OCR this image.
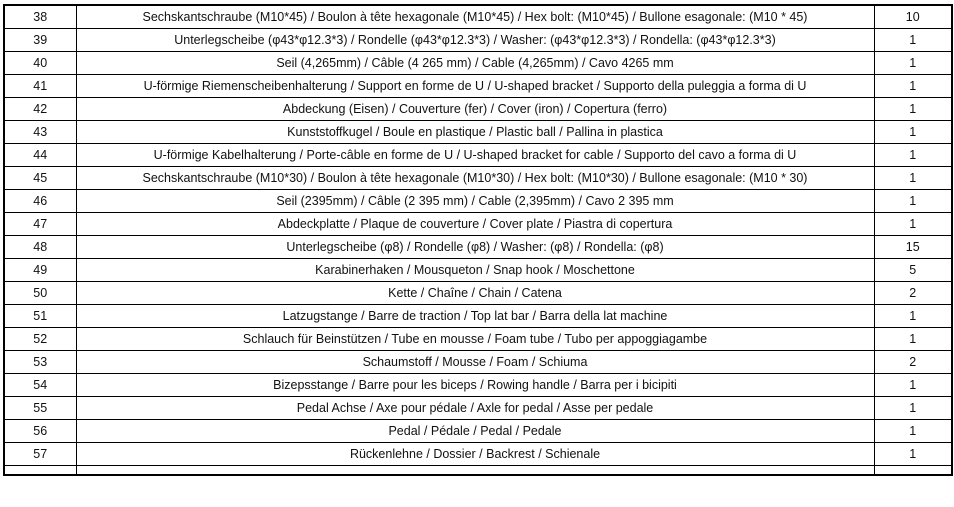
38	Sechskantschraube (M10*45) / Boulon à tête hexagonale (M10*45) / Hex bolt: (M10*45) / Bullone esagonale: (M10 * 45)	10
39	Unterlegscheibe (φ43*φ12.3*3) / Rondelle (φ43*φ12.3*3) / Washer: (φ43*φ12.3*3) / Rondella: (φ43*φ12.3*3)	1
40	Seil (4,265mm) / Câble (4 265 mm) / Cable (4,265mm) / Cavo 4265 mm	1
41	U-förmige Riemenscheibenhalterung / Support en forme de U / U-shaped bracket / Supporto della puleggia a forma di U	1
42	Abdeckung (Eisen) / Couverture (fer) / Cover (iron) / Copertura (ferro)	1
43	Kunststoffkugel / Boule en plastique / Plastic ball / Pallina in plastica	1
44	U-förmige Kabelhalterung / Porte-câble en forme de U / U-shaped bracket for cable / Supporto del cavo a forma di U	1
45	Sechskantschraube (M10*30) / Boulon à tête hexagonale (M10*30) / Hex bolt: (M10*30) / Bullone esagonale: (M10 * 30)	1
46	Seil (2395mm) / Câble (2 395 mm) / Cable (2,395mm) / Cavo 2 395 mm	1
47	Abdeckplatte / Plaque de couverture / Cover plate / Piastra di copertura	1
48	Unterlegscheibe (φ8) / Rondelle (φ8) / Washer: (φ8) / Rondella: (φ8)	15
49	Karabinerhaken / Mousqueton / Snap hook / Moschettone	5
50	Kette / Chaîne / Chain / Catena	2
51	Latzugstange / Barre de traction / Top lat bar / Barra della lat machine	1
52	Schlauch für Beinstützen / Tube en mousse / Foam tube / Tubo per appoggiagambe	1
53	Schaumstoff / Mousse / Foam / Schiuma	2
54	Bizepsstange / Barre pour les biceps / Rowing handle / Barra per i bicipiti	1
55	Pedal Achse / Axe pour pédale / Axle for pedal / Asse per pedale	1
56	Pedal / Pédale / Pedal / Pedale	1
57	Rückenlehne / Dossier / Backrest / Schienale	1
